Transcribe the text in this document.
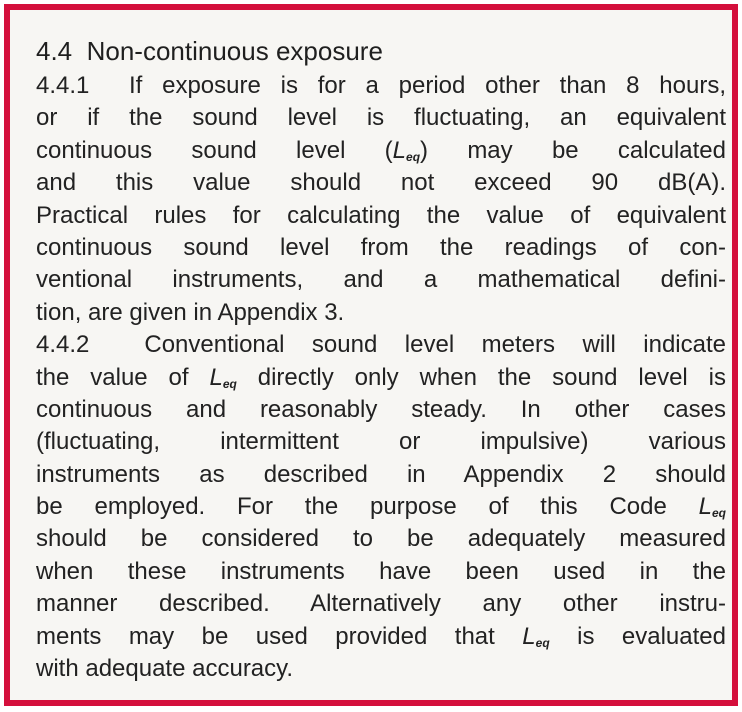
4.4 Non-continuous exposure
4.4.1 If exposure is for a period other than 8 hours,
or if the sound level is fluctuating, an equivalent
continuous sound level $(L_{eq})$ may be calculated
and this value should not exceed 90 dB(A).
Practical rules for calculating the value of equivalent
continuous sound level from the readings of con-
ventional instruments, and a mathematical defini-
tion, are given in Appendix 3.
4.4.2 Conventional sound level meters will indicate
the value of $L_{eq}$ directly only when the sound level is
continuous and reasonably steady. In other cases
(fluctuating, intermittent or impulsive) various
instruments as described in Appendix 2 should
be employed. For the purpose of this Code $L_{eq}$
should be considered to be adequately measured
when these instruments have been used in the
manner described. Alternatively any other instru-
ments may be used provided that $L_{eq}$ is evaluated
with adequate accuracy.
